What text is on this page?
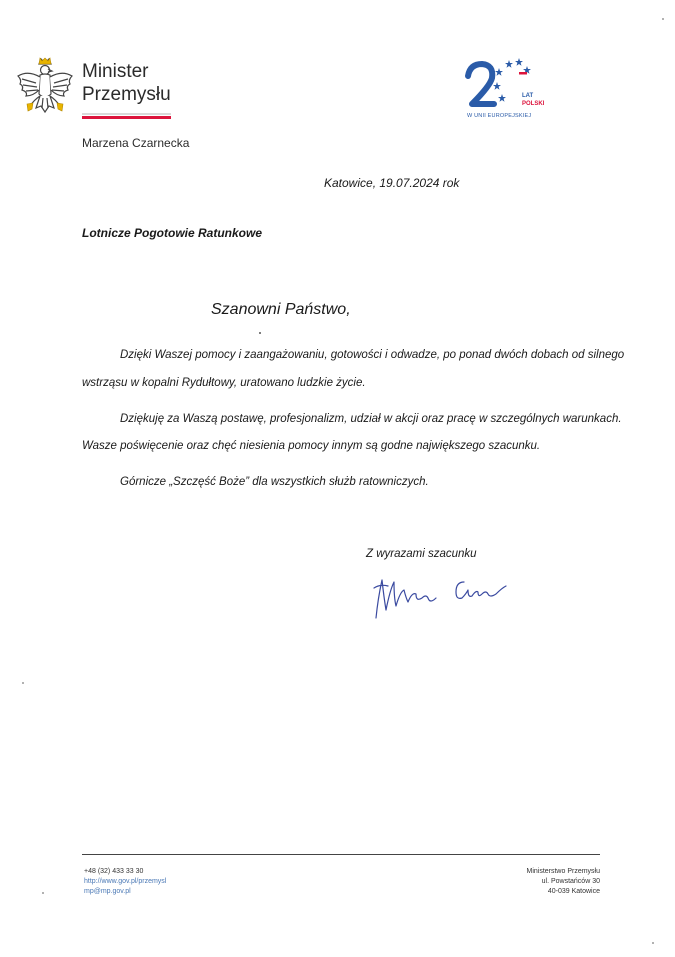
Minister
Przemysłu
Marzena Czarnecka
LAT
POLSKI
W UNII EUROPEJSKIEJ
Katowice, 19.07.2024 rok
Lotnicze Pogotowie Ratunkowe
Szanowni Państwo,
Dzięki Waszej pomocy i zaangażowaniu, gotowości i odwadze, po ponad dwóch dobach od silnego
wstrząsu w kopalni Rydułtowy, uratowano ludzkie życie.
Dziękuję za Waszą postawę, profesjonalizm, udział w akcji oraz pracę w szczególnych warunkach.
Wasze poświęcenie oraz chęć niesienia pomocy innym są godne największego szacunku.
Górnicze „Szczęść Boże” dla wszystkich służb ratowniczych.
Z wyrazami szacunku
+48 (32) 433 33 30
http://www.gov.pl/przemysl
mp@mp.gov.pl
Ministerstwo Przemysłu
ul. Powstańców 30
40-039 Katowice
